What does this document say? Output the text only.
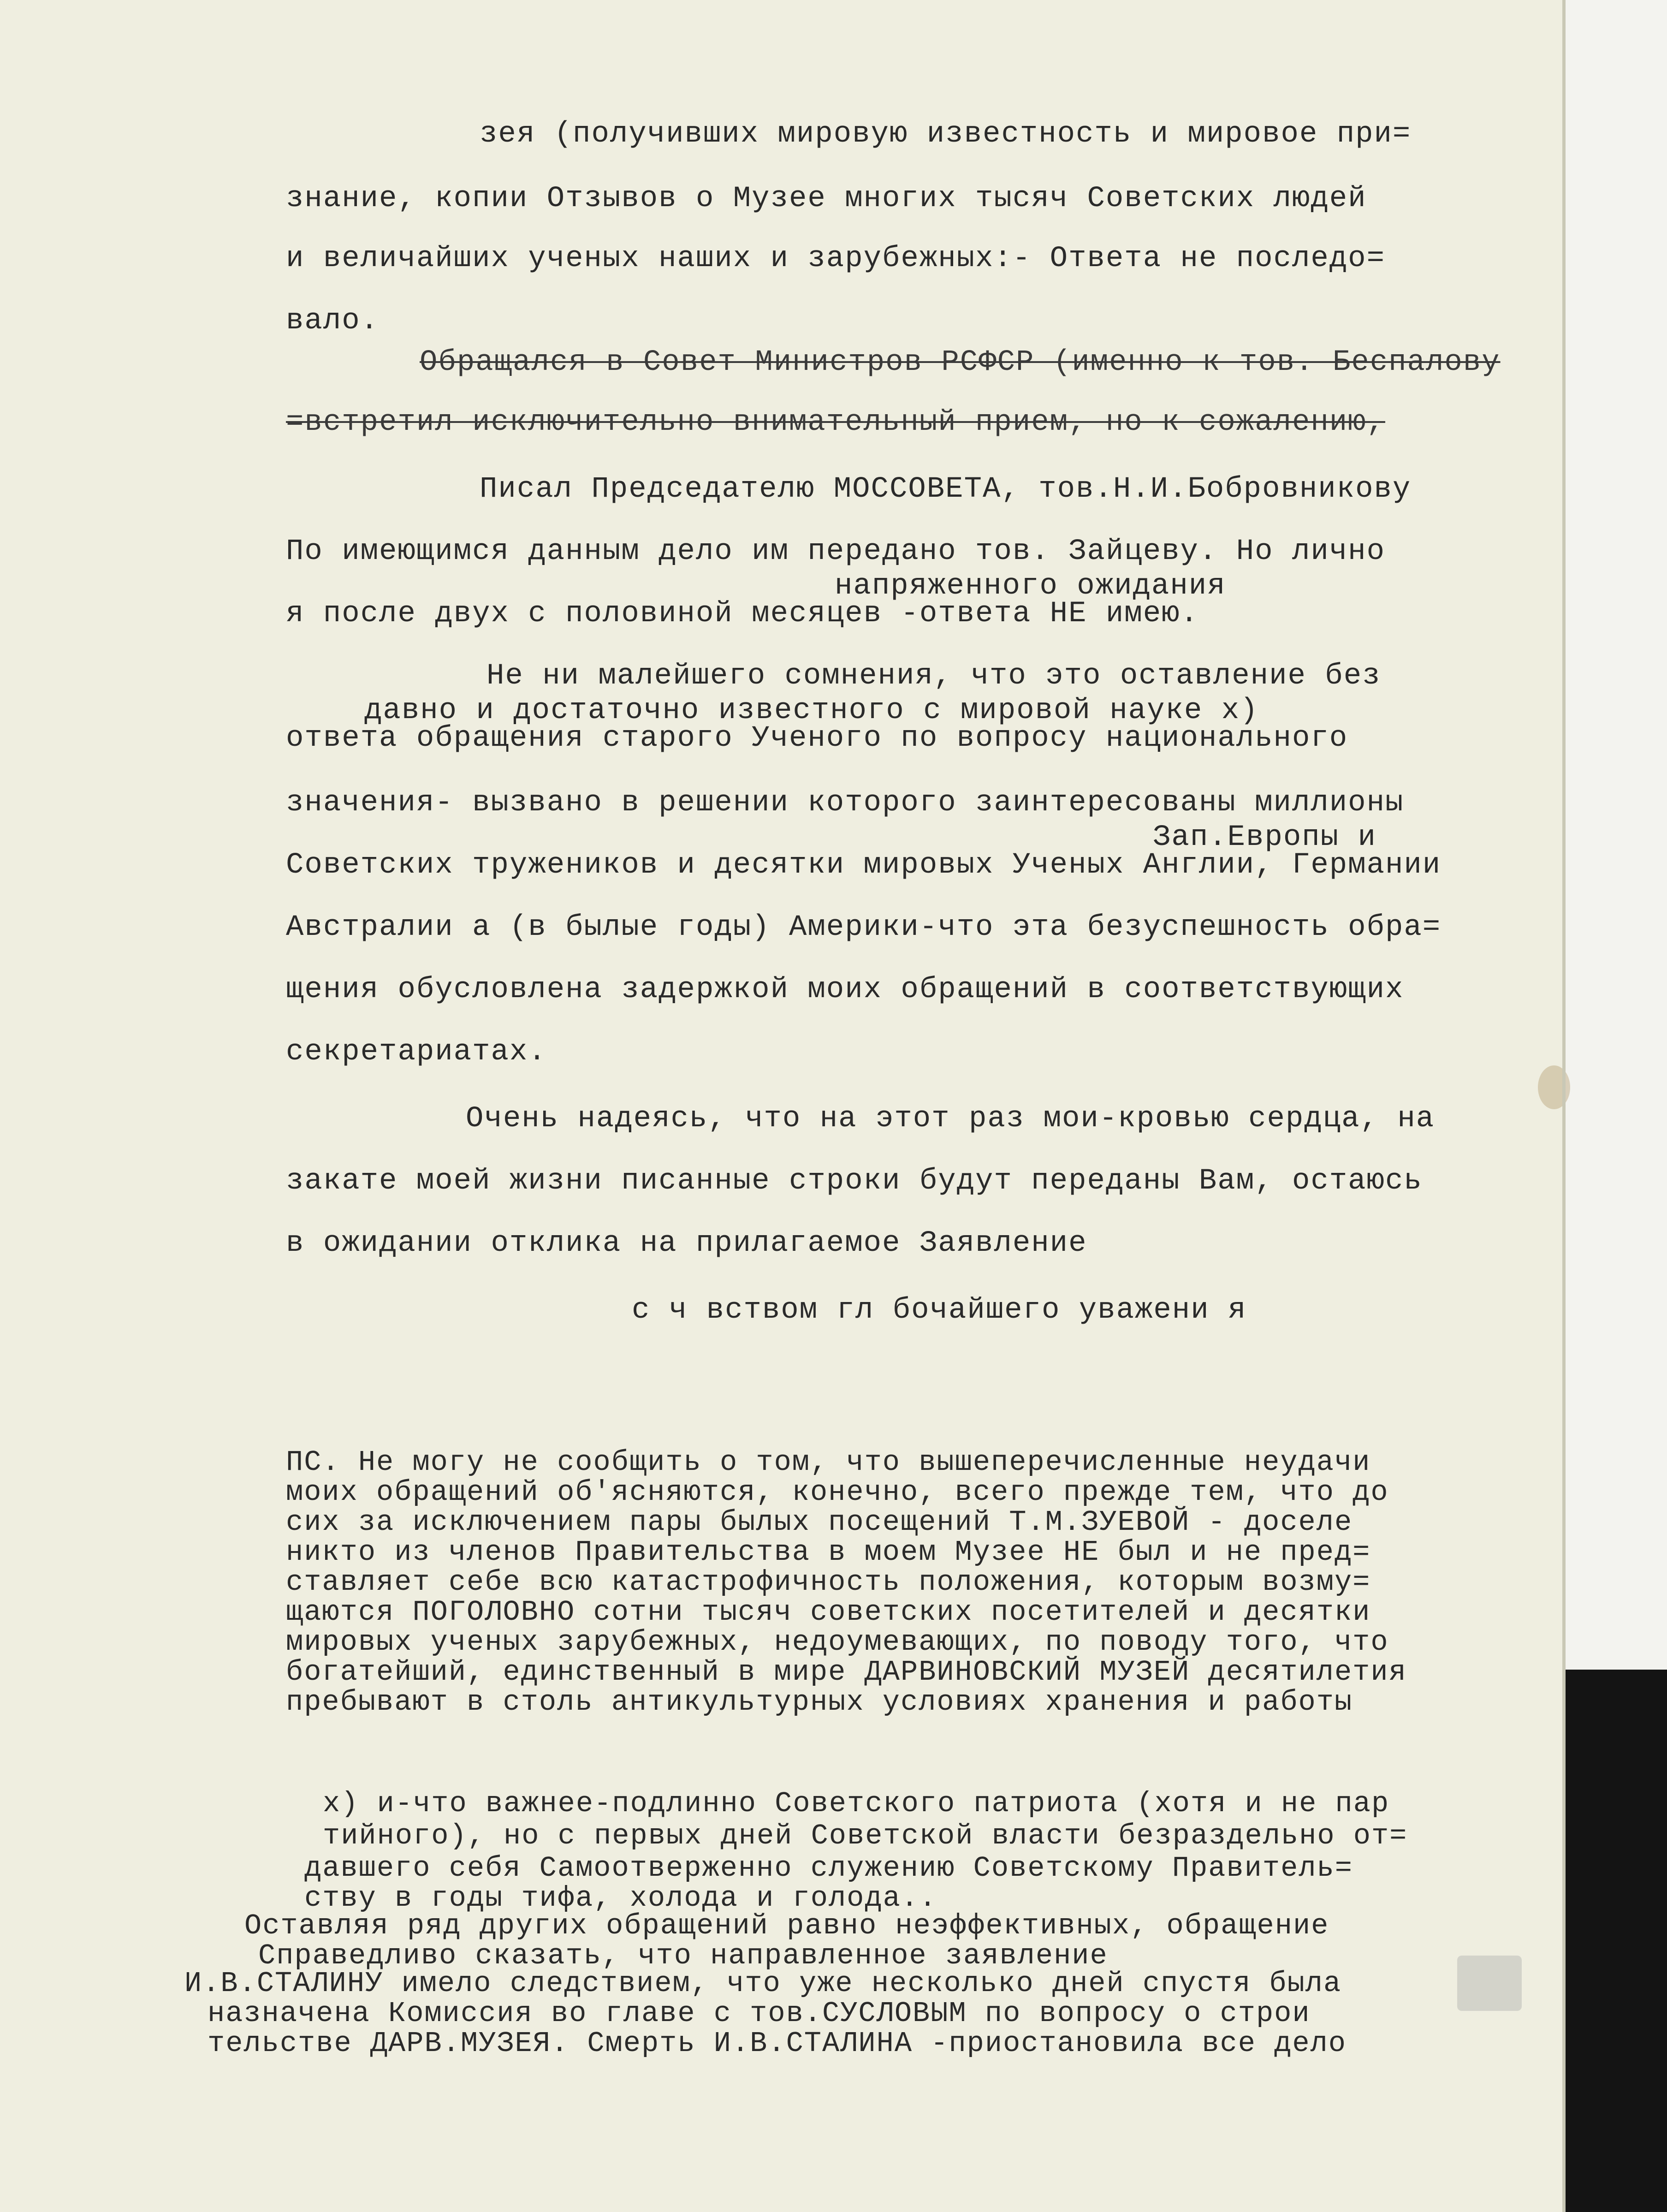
зея (получивших мировую известность и мировое при=
знание, копии Отзывов о Музее многих тысяч Советских людей
и величайших ученых наших и зарубежных:- Ответа не последо=
вало.
Обращался в Совет Министров РСФСР (именно к тов. Беспалову
=встретил исключительно внимательный прием, но к сожалению,
Писал Председателю МОССОВЕТА, тов.Н.И.Бобровникову
По имеющимся данным дело им передано тов. Зайцеву. Но лично
напряженного ожидания
я после двух с половиной месяцев -ответа НЕ имею.
Не ни малейшего сомнения, что это оставление без
давно и достаточно известного с мировой науке х)
ответа обращения старого Ученого по вопросу национального
значения- вызвано в решении которого заинтересованы миллионы
Зап.Европы и
Советских тружеников и десятки мировых Ученых Англии, Германии
Австралии а (в былые годы) Америки-что эта безуспешность обра=
щения обусловлена задержкой моих обращений в соответствующих
секретариатах.
Очень надеясь, что на этот раз мои-кровью сердца, на
закате моей жизни писанные строки будут переданы Вам, остаюсь
в ожидании отклика на прилагаемое Заявление
с ч вством гл бочайшего уважени я
ПС. Не могу не сообщить о том, что вышеперечисленные неудачи
моих обращений об'ясняются, конечно, всего прежде тем, что до
сих за исключением пары былых посещений Т.М.ЗУЕВОЙ - доселе
никто из членов Правительства в моем Музее НЕ был и не пред=
ставляет себе всю катастрофичность положения, которым возму=
щаются ПОГОЛОВНО сотни тысяч советских посетителей и десятки
мировых ученых зарубежных, недоумевающих, по поводу того, что
богатейший, единственный в мире ДАРВИНОВСКИЙ МУЗЕЙ десятилетия
пребывают в столь антикультурных условиях хранения и работы
х) и-что важнее-подлинно Советского патриота (хотя и не пар
тийного), но с первых дней Советской власти безраздельно от=
давшего себя Самоотверженно служению Советскому Правитель=
ству в годы тифа, холода и голода..
Оставляя ряд других обращений равно неэффективных, обращение
Справедливо сказать, что направленное заявление
И.В.СТАЛИНУ имело следствием, что уже несколько дней спустя была
назначена Комиссия во главе с тов.СУСЛОВЫМ по вопросу о строи
тельстве ДАРВ.МУЗЕЯ. Смерть И.В.СТАЛИНА -приостановила все дело
